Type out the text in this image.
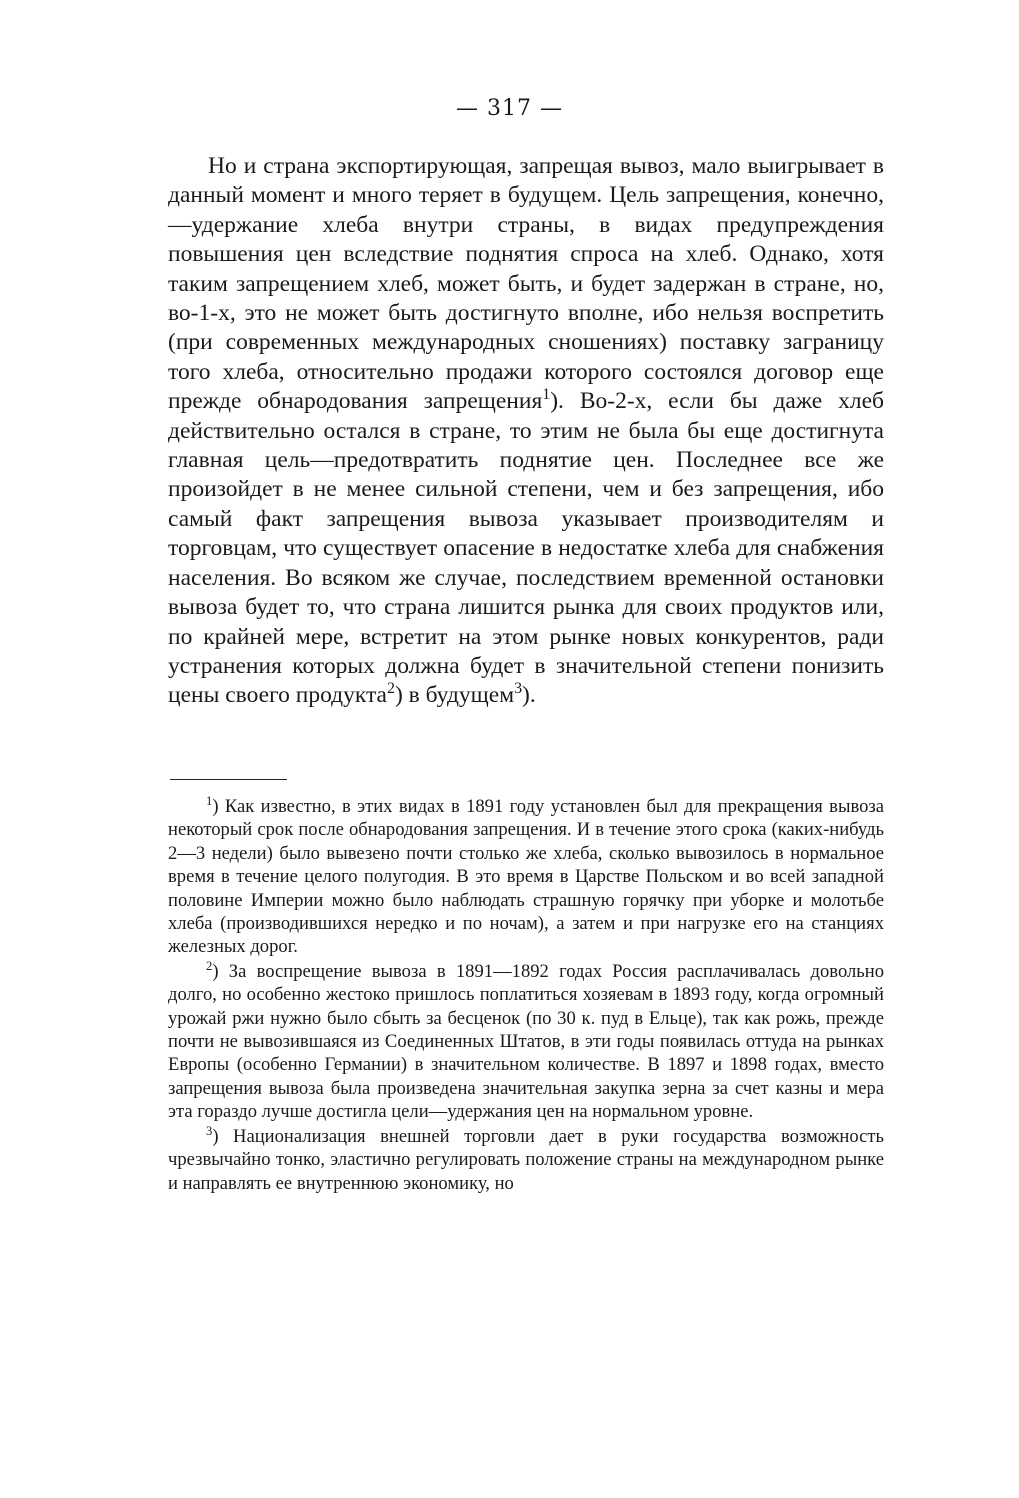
— 317 —

Но и страна экспортирующая, запрещая вывоз, мало выигрывает в данный момент и много теряет в будущем. Цель запрещения, конечно,—удержание хлеба внутри страны, в видах предупреждения повышения цен вследствие поднятия спроса на хлеб. Однако, хотя таким запрещением хлеб, может быть, и будет задержан в стране, но, во-1-х, это не может быть достигнуто вполне, ибо нельзя воспретить (при современных международных сношениях) поставку заграницу того хлеба, относительно продажи которого состоялся договор еще прежде обнародования запрещения$^1$). Во-2-х, если бы даже хлеб действительно остался в стране, то этим не была бы еще достигнута главная цель—предотвратить поднятие цен. Последнее все же произойдет в не менее сильной степени, чем и без запрещения, ибо самый факт запрещения вывоза указывает производителям и торговцам, что существует опасение в недостатке хлеба для снабжения населения. Во всяком же случае, последствием временной остановки вывоза будет то, что страна лишится рынка для своих продуктов или, по крайней мере, встретит на этом рынке новых конкурентов, ради устранения которых должна будет в значительной степени понизить цены своего продукта$^2$) в будущем$^3$).

$^1$) Как известно, в этих видах в 1891 году установлен был для прекращения вывоза некоторый срок после обнародования запрещения. И в течение этого срока (каких-нибудь 2—3 недели) было вывезено почти столько же хлеба, сколько вывозилось в нормальное время в течение целого полугодия. В это время в Царстве Польском и во всей западной половине Империи можно было наблюдать страшную горячку при уборке и молотьбе хлеба (производившихся нередко и по ночам), а затем и при нагрузке его на станциях железных дорог.

$^2$) За воспрещение вывоза в 1891—1892 годах Россия расплачивалась довольно долго, но особенно жестоко пришлось поплатиться хозяевам в 1893 году, когда огромный урожай ржи нужно было сбыть за бесценок (по 30 к. пуд в Ельце), так как рожь, прежде почти не вывозившаяся из Соединенных Штатов, в эти годы появилась оттуда на рынках Европы (особенно Германии) в значительном количестве. В 1897 и 1898 годах, вместо запрещения вывоза была произведена значительная закупка зерна за счет казны и мера эта гораздо лучше достигла цели—удержания цен на нормальном уровне.

$^3$) Национализация внешней торговли дает в руки государства возможность чрезвычайно тонко, эластично регулировать положение страны на международном рынке и направлять ее внутреннюю экономику, но
